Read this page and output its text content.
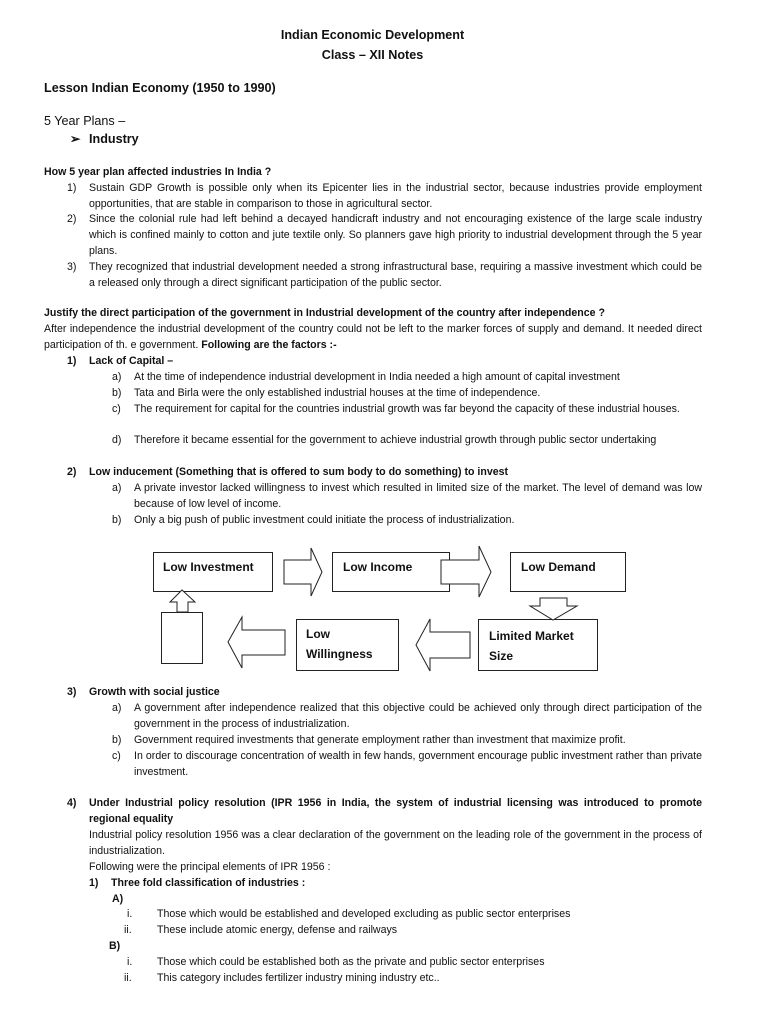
Indian Economic Development
Class – XII Notes
Lesson Indian Economy (1950 to 1990)
5 Year Plans –
➢ Industry
How 5 year plan affected industries In India ?
1) Sustain GDP Growth is possible only when its Epicenter lies in the industrial sector, because industries provide employment opportunities, that are stable in comparison to those in agricultural sector.
2) Since the colonial rule had left behind a decayed handicraft industry and not encouraging existence of the large scale industry which is confined mainly to cotton and jute textile only. So planners gave high priority to industrial development through the 5 year plans.
3) They recognized that industrial development needed a strong infrastructural base, requiring a massive investment which could be a released only through a direct significant participation of the public sector.
Justify the direct participation of the government in Industrial development of the country after independence ?
After independence the industrial development of the country could not be left to the marker forces of supply and demand. It needed direct participation of th. e government. Following are the factors :-
1) Lack of Capital –
a) At the time of independence industrial development in India needed a high amount of capital investment
b) Tata and Birla were the only established industrial houses at the time of independence.
c) The requirement for capital for the countries industrial growth was far beyond the capacity of these industrial houses.
d) Therefore it became essential for the government to achieve industrial growth through public sector undertaking
2) Low inducement (Something that is offered to sum body to do something) to invest
a) A private investor lacked willingness to invest which resulted in limited size of the market. The level of demand was low because of low level of income.
b) Only a big push of public investment could initiate the process of industrialization.
Low Investment	Low Income	Low Demand
Low Willingness
Limited Market Size
3) Growth with social justice
a) A government after independence realized that this objective could be achieved only through direct participation of the government in the process of industrialization.
b) Government required investments that generate employment rather than investment that maximize profit.
c) In order to discourage concentration of wealth in few hands, government encourage public investment rather than private investment.
4) Under Industrial policy resolution (IPR 1956 in India, the system of industrial licensing was introduced to promote regional equality
Industrial policy resolution 1956 was a clear declaration of the government on the leading role of the government in the process of industrialization.
Following were the principal elements of IPR 1956 :
1) Three fold classification of industries :
A)
i. Those which would be established and developed excluding as public sector enterprises
ii. These include atomic energy, defense and railways
B)
i. Those which could be established both as the private and public sector enterprises
ii. This category includes fertilizer industry mining industry etc..
